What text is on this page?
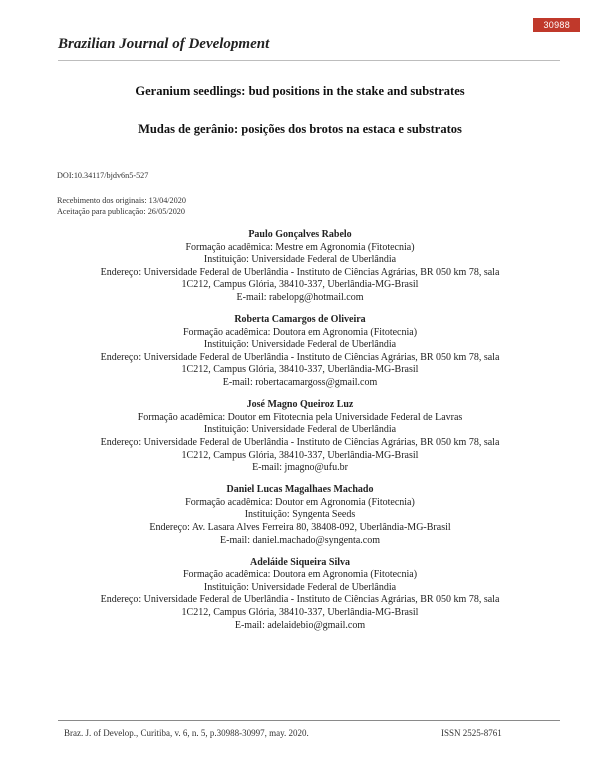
30988
Brazilian Journal of Development
Geranium seedlings: bud positions in the stake and substrates
Mudas de gerânio: posições dos brotos na estaca e substratos
DOI:10.34117/bjdv6n5-527
Recebimento dos originais: 13/04/2020
Aceitação para publicação: 26/05/2020
Paulo Gonçalves Rabelo
Formação acadêmica: Mestre em Agronomia (Fitotecnia)
Instituição: Universidade Federal de Uberlândia
Endereço: Universidade Federal de Uberlândia - Instituto de Ciências Agrárias, BR 050 km 78, sala
1C212, Campus Glória, 38410-337, Uberlândia-MG-Brasil
E-mail: rabelopg@hotmail.com
Roberta Camargos de Oliveira
Formação acadêmica: Doutora em Agronomia (Fitotecnia)
Instituição: Universidade Federal de Uberlândia
Endereço: Universidade Federal de Uberlândia - Instituto de Ciências Agrárias, BR 050 km 78, sala
1C212, Campus Glória, 38410-337, Uberlândia-MG-Brasil
E-mail: robertacamargoss@gmail.com
José Magno Queiroz Luz
Formação acadêmica: Doutor em Fitotecnia pela Universidade Federal de Lavras
Instituição: Universidade Federal de Uberlândia
Endereço: Universidade Federal de Uberlândia - Instituto de Ciências Agrárias, BR 050 km 78, sala
1C212, Campus Glória, 38410-337, Uberlândia-MG-Brasil
E-mail: jmagno@ufu.br
Daniel Lucas Magalhaes Machado
Formação acadêmica: Doutor em Agronomia (Fitotecnia)
Instituição: Syngenta Seeds
Endereço: Av. Lasara Alves Ferreira 80, 38408-092, Uberlândia-MG-Brasil
E-mail: daniel.machado@syngenta.com
Adeláide Siqueira Silva
Formação acadêmica: Doutora em Agronomia (Fitotecnia)
Instituição: Universidade Federal de Uberlândia
Endereço: Universidade Federal de Uberlândia - Instituto de Ciências Agrárias, BR 050 km 78, sala
1C212, Campus Glória, 38410-337, Uberlândia-MG-Brasil
E-mail: adelaidebio@gmail.com
Braz. J. of Develop., Curitiba, v. 6, n. 5, p.30988-30997, may. 2020.	ISSN 2525-8761
